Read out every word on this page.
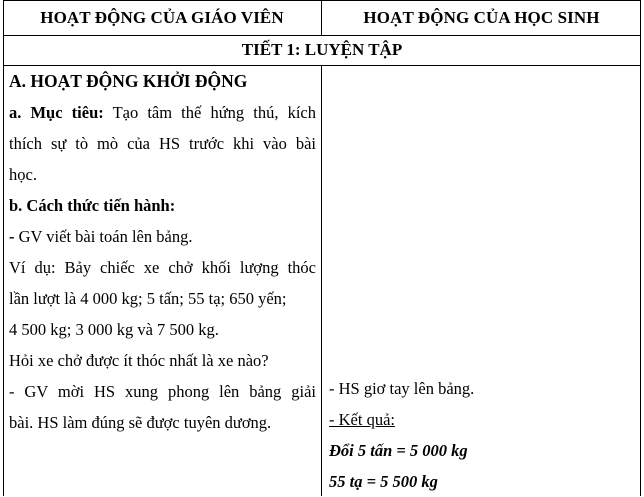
HOẠT ĐỘNG CỦA GIÁO VIÊN	HOẠT ĐỘNG CỦA HỌC SINH
TIẾT 1: LUYỆN TẬP
A. HOẠT ĐỘNG KHỞI ĐỘNG
a. Mục tiêu: Tạo tâm thế hứng thú, kích
thích sự tò mò của HS trước khi vào bài
học.
b. Cách thức tiến hành:
- GV viết bài toán lên bảng.
Ví dụ: Bảy chiếc xe chở khối lượng thóc
lần lượt là 4 000 kg; 5 tấn; 55 tạ; 650 yến;
4 500 kg; 3 000 kg và 7 500 kg.
Hỏi xe chở được ít thóc nhất là xe nào?
- GV mời HS xung phong lên bảng giải
bài. HS làm đúng sẽ được tuyên dương.
- HS giơ tay lên bảng.
- Kết quả:
Đổi 5 tấn = 5 000 kg
55 tạ = 5 500 kg
